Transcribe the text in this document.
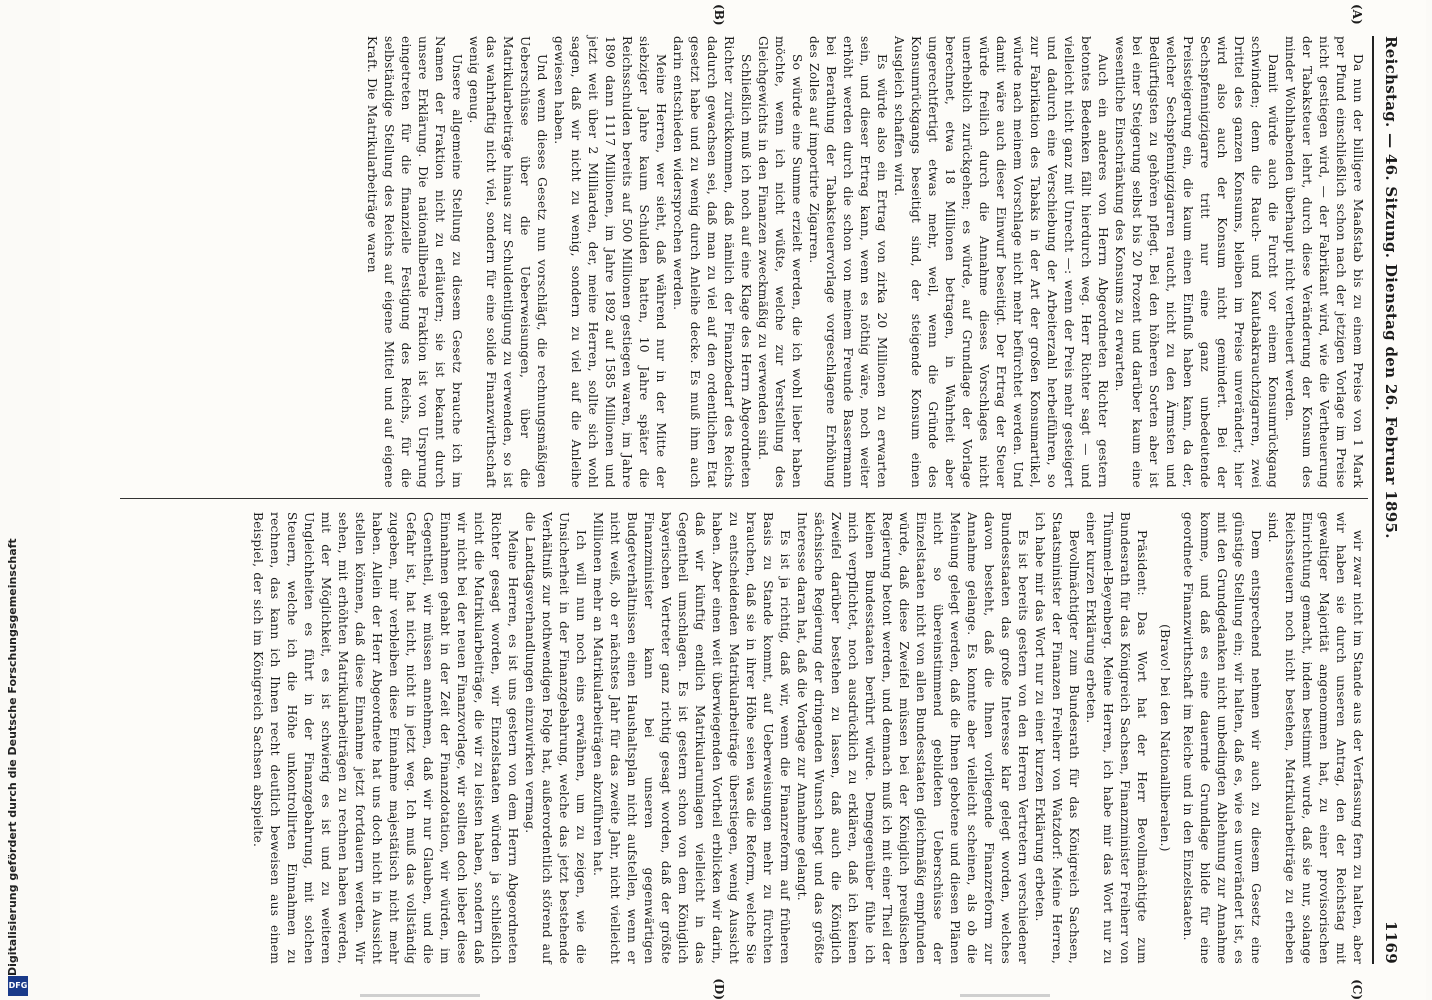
Reichstag. — 46. Sitzung. Dienstag den 26. Februar 1895.
1169
(A)
(B)
(C)
(D)

Da nun der billigere Maaßstab bis zu einem Preise von 1 Mark per Pfund einschließlich schon nach der jetzigen Vorlage im Preise nicht gestiegen wird, — der Fabrikant wird, wie die Vertheuerung der Tabaksteuer lehrt, durch diese Veränderung der Konsum des minder Wohlhabenden überhaupt nicht vertheuert werden.

Damit würde auch die Furcht vor einem Konsumrückgang schwinden; denn die Rauch- und Kautabakrauchzigarren, zwei Drittel des ganzen Konsums, bleiben im Preise unverändert; hier wird also auch der Konsum nicht gemindert. Bei der Sechspfennigzigarre tritt nur eine ganz unbedeutende Preissteigerung ein, die kaum einen Einfluß haben kann, da der, welcher Sechspfennigzigarren raucht, nicht zu den Ärmsten und Bedürftigsten zu gehören pflegt. Bei den höheren Sorten aber ist bei einer Steigerung selbst bis 20 Prozent und darüber kaum eine wesentliche Einschränkung des Konsums zu erwarten.

Auch ein anderes von Herrn Abgeordneten Richter gestern betontes Bedenken fällt hierdurch weg. Herr Richter sagt — und vielleicht nicht ganz mit Unrecht —: wenn der Preis mehr gesteigert und dadurch eine Verschiebung der Arbeiterzahl herbeiführen, so zur Fabrikation des Tabaks in der Art der großen Konsumartikel, würde nach meinem Vorschlage nicht mehr befürchtet werden. Und damit wäre auch dieser Einwurf beseitigt. Der Ertrag der Steuer würde freilich durch die Annahme dieses Vorschlages nicht unerheblich zurückgehen; es würde, auf Grundlage der Vorlage berechnet, etwa 18 Millionen betragen, in Wahrheit aber ungerechtfertigt etwas mehr, weil, wenn die Gründe des Konsumrückgangs beseitigt sind, der steigende Konsum einen Ausgleich schaffen wird.

Es würde also ein Ertrag von zirka 20 Millionen zu erwarten sein, und dieser Ertrag kann, wenn es nöthig wäre, noch weiter erhöht werden durch die schon von meinem Freunde Bassermann bei Berathung der Tabaksteuervorlage vorgeschlagene Erhöhung des Zolles auf importirte Zigarren.

So würde eine Summe erzielt werden, die ich wohl lieber haben möchte, wenn ich nicht wüßte, welche zur Verstellung des Gleichgewichts in den Finanzen zweckmäßig zu verwenden sind.

Schließlich muß ich noch auf eine Klage des Herrn Abgeordneten Richter zurückkommen, daß nämlich der Finanzbedarf des Reichs dadurch gewachsen sei, daß man zu viel auf den ordentlichen Etat gesetzt habe und zu wenig durch Anleihe decke. Es muß ihm auch darin entschieden widersprochen werden.

Meine Herren, wer sieht, daß während nur in der Mitte der siebziger Jahre kaum Schulden hatten, 10 Jahre später die Reichsschulden bereits auf 500 Millionen gestiegen waren, im Jahre 1890 dann 1117 Millionen, im Jahre 1892 auf 1585 Millionen und jetzt weit über 2 Milliarden, der, meine Herren, sollte sich wohl sagen, daß wir nicht zu wenig, sondern zu viel auf die Anleihe gewiesen haben.

Und wenn dieses Gesetz nun vorschlägt, die rechnungsmäßigen Ueberschüsse über die Ueberweisungen, über die Matrikularbeiträge hinaus zur Schuldentilgung zu verwenden, so ist das wahrhaftig nicht viel, sondern für eine solide Finanzwirthschaft wenig genug.

Unsere allgemeine Stellung zu diesem Gesetz brauche ich im Namen der Fraktion nicht zu erläutern; sie ist bekannt durch unsere Erklärung. Die nationalliberale Fraktion ist von Ursprung eingetreten für die finanzielle Festigung des Reichs, für die selbständige Stellung des Reichs auf eigene Mittel und auf eigene Kraft. Die Matrikularbeiträge waren

wir zwar nicht im Stande aus der Verfassung fern zu halten, aber wir haben sie durch unseren Antrag, den der Reichstag mit gewaltiger Majorität angenommen hat, zu einer provisorischen Einrichtung gemacht, indem bestimmt wurde, daß sie nur, solange Reichssteuern noch nicht bestehen, Matrikularbeiträge zu erheben sind.

Dem entsprechend nehmen wir auch zu diesem Gesetz eine günstige Stellung ein; wir halten, daß es, wie es unverändert ist, es mit den Grundgedanken nicht unbedingten Ablehnung zur Annahme komme, und daß es eine dauernde Grundlage bilde für eine geordnete Finanzwirthschaft im Reiche und in den Einzelstaaten.

(Bravo! bei den Nationalliberalen.)

Präsident: Das Wort hat der Herr Bevollmächtigte zum Bundesrath für das Königreich Sachsen, Finanzminister Freiherr von Thümmel-Beyenberg. Meine Herren, ich habe mir das Wort nur zu einer kurzen Erklärung erbeten.

Bevollmächtigter zum Bundesrath für das Königreich Sachsen, Staatsminister der Finanzen Freiherr von Watzdorf: Meine Herren, ich habe mir das Wort nur zu einer kurzen Erklärung erbeten.

Es ist bereits gestern von den Herren Vertretern verschiedener Bundesstaaten das große Interesse klar gelegt worden, welches davon besteht, daß die Ihnen vorliegende Finanzreform zur Annahme gelange. Es konnte aber vielleicht scheinen, als ob die Meinung gelegt werden, daß die Ihnen gebotene und diesen Plänen nicht so übereinstimmend gebildeten Ueberschüsse der Einzelstaaten nicht von allen Bundesstaaten gleichmäßig empfunden würde, daß diese Zweifel müssen bei der Königlich preußischen Regierung betont werden, und demnach muß ich mit einer Theil der kleinen Bundesstaaten berührt würde. Demgegenüber fühle ich mich verpflichtet, noch ausdrücklich zu erklären, daß ich keinen Zweifel darüber bestehen zu lassen, daß auch die Königlich sächsische Regierung der dringenden Wunsch hegt und das größte Interesse daran hat, daß die Vorlage zur Annahme gelangt.

Es ist ja richtig, daß wir, wenn die Finanzreform auf früheren Basis zu Stande kommt, auf Ueberweisungen mehr zu fürchten brauchen, daß sie in ihrer Höhe seien was die Reform, welche Sie zu entscheidenden Matrikularbeiträge überstiegen, wenig Aussicht haben. Aber einen weit überwiegenden Vortheil erblicken wir darin, daß wir künftig endlich Matrikularumlagen vielleicht in das Gegentheil umschlagen. Es ist gestern schon von dem Königlich bayerischen Vertreter ganz richtig gesagt worden, daß der größte Finanzminister kann bei unseren gegenwärtigen Budgetverhältnissen einen Haushaltsplan nicht aufstellen, wenn er nicht weiß, ob er nächstes Jahr für das zweite Jahr, nicht vielleicht Millionen mehr an Matrikularbeiträgen abzuführen hat.

Ich will nun noch eins erwähnen, um zu zeigen, wie die Unsicherheit in der Finanzgebahrung, welche das jetzt bestehende Verhältniß zur nothwendigen Folge hat, außerordentlich störend auf die Landtagsverhandlungen einzuwirken vermag.

Meine Herren, es ist uns gestern von dem Herrn Abgeordneten Richter gesagt worden, wir Einzelstaaten würden ja schließlich nicht die Matrikularbeiträge, die wir zu leisten haben, sondern daß wir nicht bei der neuen Finanzvorlage, wir sollten doch lieber diese Einnahmen gehabt in der Zeit der Finanzdotation, wir würden, im Gegentheil, wir müssen annehmen, daß wir nur Glauben, und die Gefahr ist, hat nicht, nicht in jetzt weg. Ich muß das vollständig zugeben, mir verbleiben diese Einnahme majestätisch nicht mehr haben. Allein der Herr Abgeordnete hat uns doch nicht in Aussicht stellen können, daß diese Einnahme jetzt fortdauern werden. Wir sehen, mit erhöhten Matrikularbeiträgen zu rechnen haben werden, mit der Möglichkeit, es ist schwierig es ist und zu weiteren Ungleichheiten es führt in der Finanzgebahrung, mit solchen Steuern, welche ich die Höhe unkontrollirten Einnahmen zu rechnen, das kann ich Ihnen recht deutlich beweisen aus einem Beispiel, der sich im Königreich Sachsen abspielte.

Digitalisierung gefördert durch die Deutsche Forschungsgemeinschaft
DFG
